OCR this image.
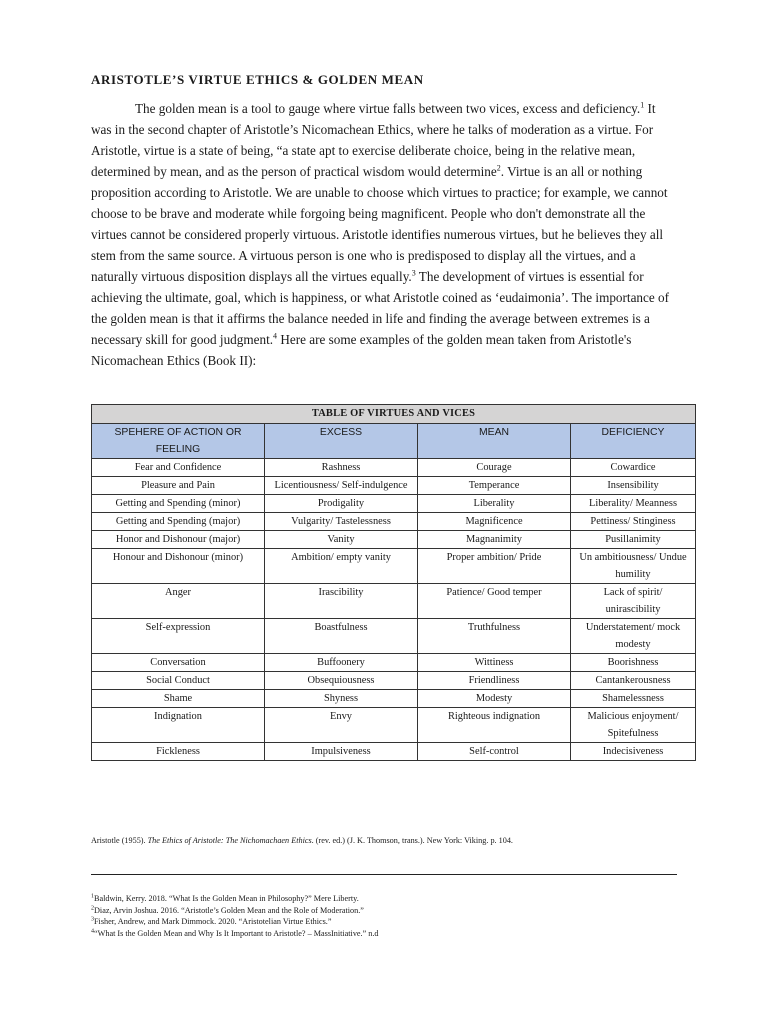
ARISTOTLE’S VIRTUE ETHICS & GOLDEN MEAN

The golden mean is a tool to gauge where virtue falls between two vices, excess and deficiency.$^1$ It was in the second chapter of Aristotle’s Nicomachean Ethics, where he talks of moderation as a virtue. For Aristotle, virtue is a state of being, “a state apt to exercise deliberate choice, being in the relative mean, determined by mean, and as the person of practical wisdom would determine$^2$. Virtue is an all or nothing proposition according to Aristotle. We are unable to choose which virtues to practice; for example, we cannot choose to be brave and moderate while forgoing being magnificent. People who don't demonstrate all the virtues cannot be considered properly virtuous. Aristotle identifies numerous virtues, but he believes they all stem from the same source. A virtuous person is one who is predisposed to display all the virtues, and a naturally virtuous disposition displays all the virtues equally.$^3$ The development of virtues is essential for achieving the ultimate, goal, which is happiness, or what Aristotle coined as ‘eudaimonia’. The importance of the golden mean is that it affirms the balance needed in life and finding the average between extremes is a necessary skill for good judgment.$^4$ Here are some examples of the golden mean taken from Aristotle's Nicomachean Ethics (Book II):

TABLE OF VIRTUES AND VICES			
SPEHERE OF ACTION OR FEELING	EXCESS	MEAN	DEFICIENCY
Fear and Confidence	Rashness	Courage	Cowardice
Pleasure and Pain	Licentiousness/ Self-indulgence	Temperance	Insensibility
Getting and Spending (minor)	Prodigality	Liberality	Liberality/ Meanness
Getting and Spending (major)	Vulgarity/ Tastelessness	Magnificence	Pettiness/ Stinginess
Honor and Dishonour (major)	Vanity	Magnanimity	Pusillanimity
Honour and Dishonour (minor)	Ambition/ empty vanity	Proper ambition/ Pride	Un ambitiousness/ Undue humility
Anger	Irascibility	Patience/ Good temper	Lack of spirit/ unirascibility
Self-expression	Boastfulness	Truthfulness	Understatement/ mock modesty
Conversation	Buffoonery	Wittiness	Boorishness
Social Conduct	Obsequiousness	Friendliness	Cantankerousness
Shame	Shyness	Modesty	Shamelessness
Indignation	Envy	Righteous indignation	Malicious enjoyment/ Spitefulness
Fickleness	Impulsiveness	Self-control	Indecisiveness

Aristotle (1955). The Ethics of Aristotle: The Nichomachaen Ethics. (rev. ed.) (J. K. Thomson, trans.). New York: Viking. p. 104.

$^1$Baldwin, Kerry. 2018. “What Is the Golden Mean in Philosophy?” Mere Liberty.
$^2$Diaz, Arvin Joshua. 2016. “Aristotle’s Golden Mean and the Role of Moderation.”
$^3$Fisher, Andrew, and Mark Dimmock. 2020. “Aristotelian Virtue Ethics.”
$^4$“What Is the Golden Mean and Why Is It Important to Aristotle? – MassInitiative.” n.d
